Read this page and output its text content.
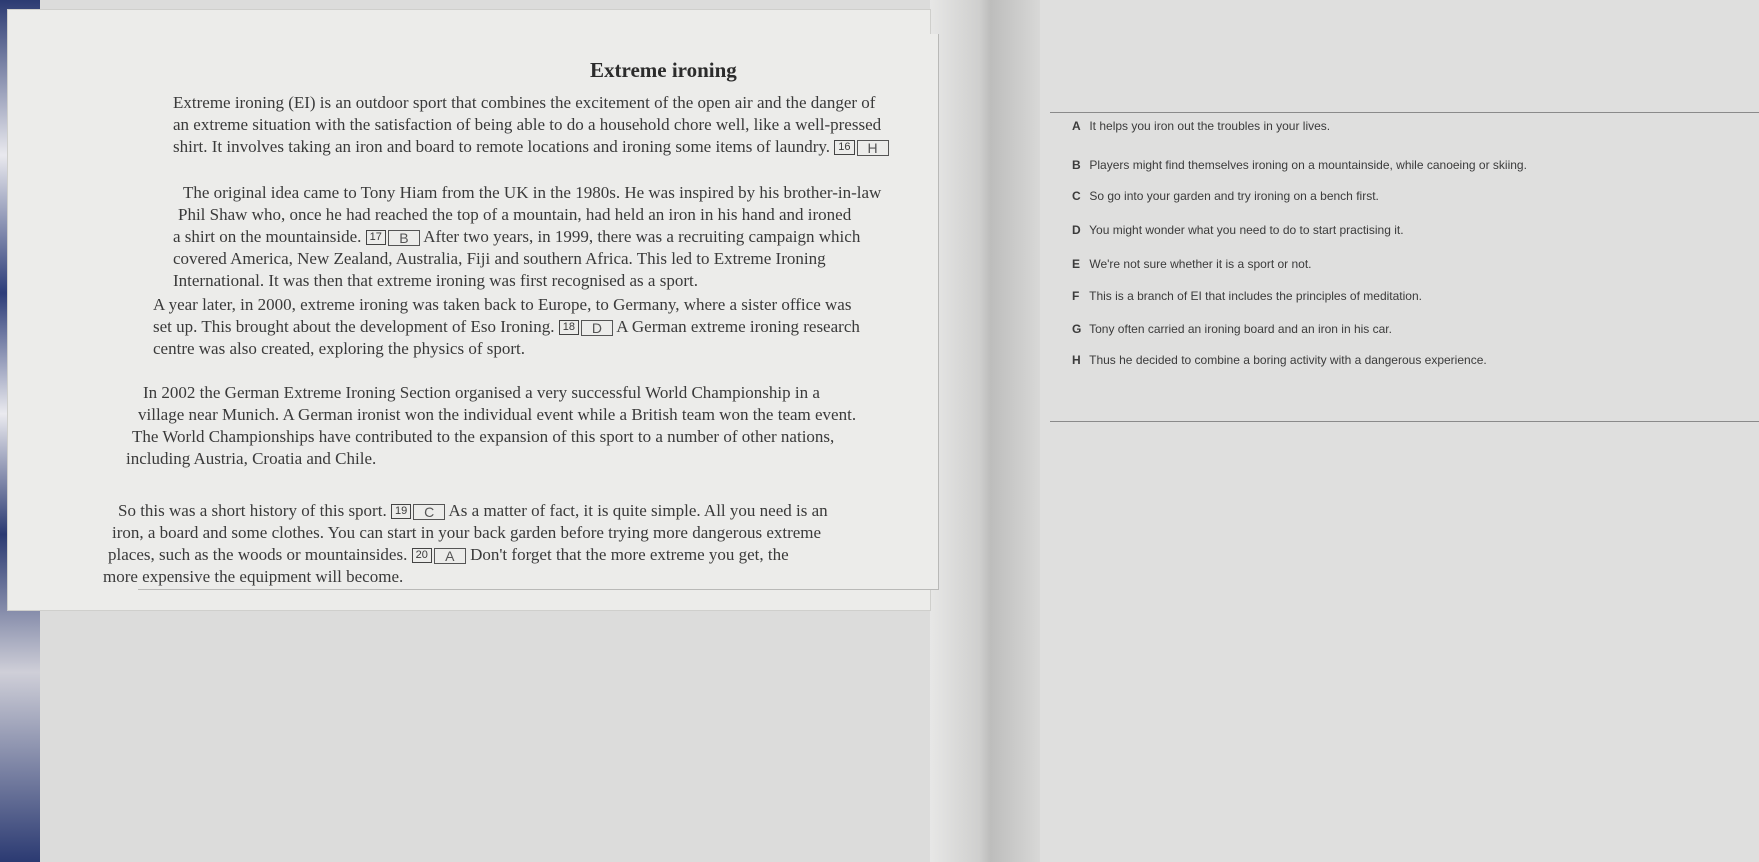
Extreme ironing
Extreme ironing (EI) is an outdoor sport that combines the excitement of the open air and the danger of
an extreme situation with the satisfaction of being able to do a household chore well, like a well-pressed
shirt. It involves taking an iron and board to remote locations and ironing some items of laundry. 16 H
The original idea came to Tony Hiam from the UK in the 1980s. He was inspired by his brother-in-law
Phil Shaw who, once he had reached the top of a mountain, had held an iron in his hand and ironed
a shirt on the mountainside. 17 B After two years, in 1999, there was a recruiting campaign which
covered America, New Zealand, Australia, Fiji and southern Africa. This led to Extreme Ironing
International. It was then that extreme ironing was first recognised as a sport.
A year later, in 2000, extreme ironing was taken back to Europe, to Germany, where a sister office was
set up. This brought about the development of Eso Ironing. 18 D A German extreme ironing research
centre was also created, exploring the physics of sport.
In 2002 the German Extreme Ironing Section organised a very successful World Championship in a
village near Munich. A German ironist won the individual event while a British team won the team event.
The World Championships have contributed to the expansion of this sport to a number of other nations,
including Austria, Croatia and Chile.
So this was a short history of this sport. 19 C As a matter of fact, it is quite simple. All you need is an
iron, a board and some clothes. You can start in your back garden before trying more dangerous extreme
places, such as the woods or mountainsides. 20 A Don't forget that the more extreme you get, the
more expensive the equipment will become.
A It helps you iron out the troubles in your lives.
B Players might find themselves ironing on a mountainside, while canoeing or skiing.
C So go into your garden and try ironing on a bench first.
D You might wonder what you need to do to start practising it.
E We're not sure whether it is a sport or not.
F This is a branch of EI that includes the principles of meditation.
G Tony often carried an ironing board and an iron in his car.
H Thus he decided to combine a boring activity with a dangerous experience.
